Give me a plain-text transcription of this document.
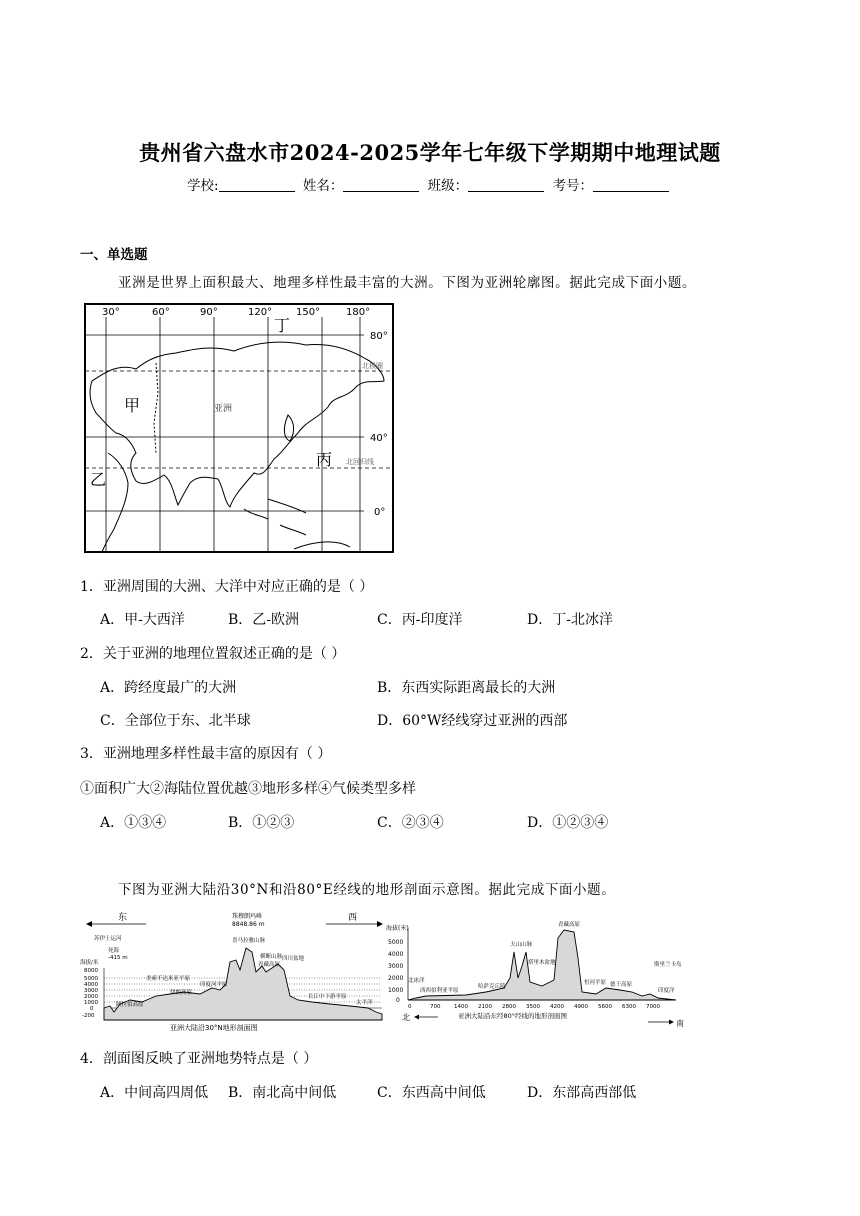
贵州省六盘水市2024-2025学年七年级下学期期中地理试题
学校:	姓名：	班级：	考号：
一、单选题
亚洲是世界上面积最大、地理多样性最丰富的大洲。下图为亚洲轮廓图。据此完成下面小题。
30°	60°	90°	120° 150°	180°
80°
40°
0°
丁
甲
乙
丙
亚洲
北极圈
北回归线
1．亚洲周围的大洲、大洋中对应正确的是（ ）
A．甲-大西洋	B．乙-欧洲	C．丙-印度洋	D．丁-北冰洋
2．关于亚洲的地理位置叙述正确的是（ ）
A．跨经度最广的大洲	B．东西实际距离最长的大洲
C．全部位于东、北半球	D．60°W经线穿过亚洲的西部
3．亚洲地理多样性最丰富的原因有（ ）
①面积广大②海陆位置优越③地形多样④气候类型多样
A．①③④	B．①②③	C．②③④	D．①②③④
下图为亚洲大陆沿30°N和沿80°E经线的地形剖面示意图。据此完成下面小题。
东	西
珠穆朗玛峰
8848.86 m
苏伊士运河
死海
-415 m
海拔/米
8000
5000
4000
3000
2000
1000
0
-200
美索不达米亚平原
伊朗高原
阿拉伯高原
印度河平原
喜马拉雅山脉
横断山脉
青藏高原
四川盆地
长江中下游平原
太平洋
亚洲大陆沿30°N地形剖面图
海拔(米)
5000
4000
3000
2000
1000
0
北冰洋
西西伯利亚平原
哈萨克丘陵
天山山脉
塔里木盆地
青藏高原
恒河平原 德干高原
斯里兰卡岛
印度洋
0	700 1400 2100 2800 3500 4200 4900 5600 6300 7000
北
南
亚洲大陆沿东经80°经线的地形剖面图
4．剖面图反映了亚洲地势特点是（ ）
A．中间高四周低 B．南北高中间低	C．东西高中间低	D．东部高西部低
